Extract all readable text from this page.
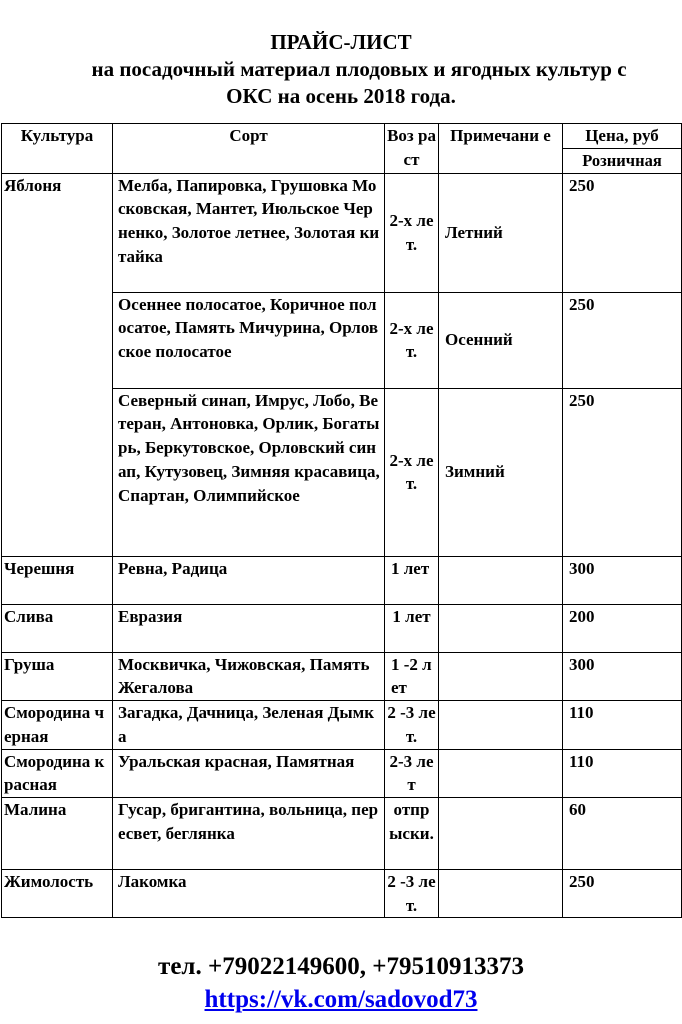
ПРАЙС-ЛИСТ
на посадочный материал плодовых и ягодных культур с
ОКС на осень 2018 года.
Культура	Сорт	Воз раст	Примечани е	Цена, руб
				Розничная
Яблоня	Мелба, Папировка, Грушовка Московская, Мантет, Июльское Черненко, Золотое летнее, Золотая китайка	2-х лет.	Летний	250
	Осеннее полосатое, Коричное полосатое, Память Мичурина, Орловское полосатое	2-х лет.	Осенний	250
	Северный синап, Имрус, Лобо, Ветеран, Антоновка, Орлик, Богатырь, Беркутовское, Орловский синап, Кутузовец, Зимняя красавица, Спартан, Олимпийское	2-х лет.	Зимний	250
Черешня	Ревна, Радица	1 лет		300
Слива	Евразия	1 лет		200
Груша	Москвичка, Чижовская, Память Жегалова	1 -2 лет		300
Смородина черная	Загадка, Дачница, Зеленая Дымка	2 -3 лет.		110
Смородина красная	Уральская красная, Памятная	2-3 лет		110
Малина	Гусар, бригантина, вольница, пересвет, беглянка	отпрыски.		60
Жимолость	Лакомка	2 -3 лет.		250
тел. +79022149600, +79510913373
https://vk.com/sadovod73
